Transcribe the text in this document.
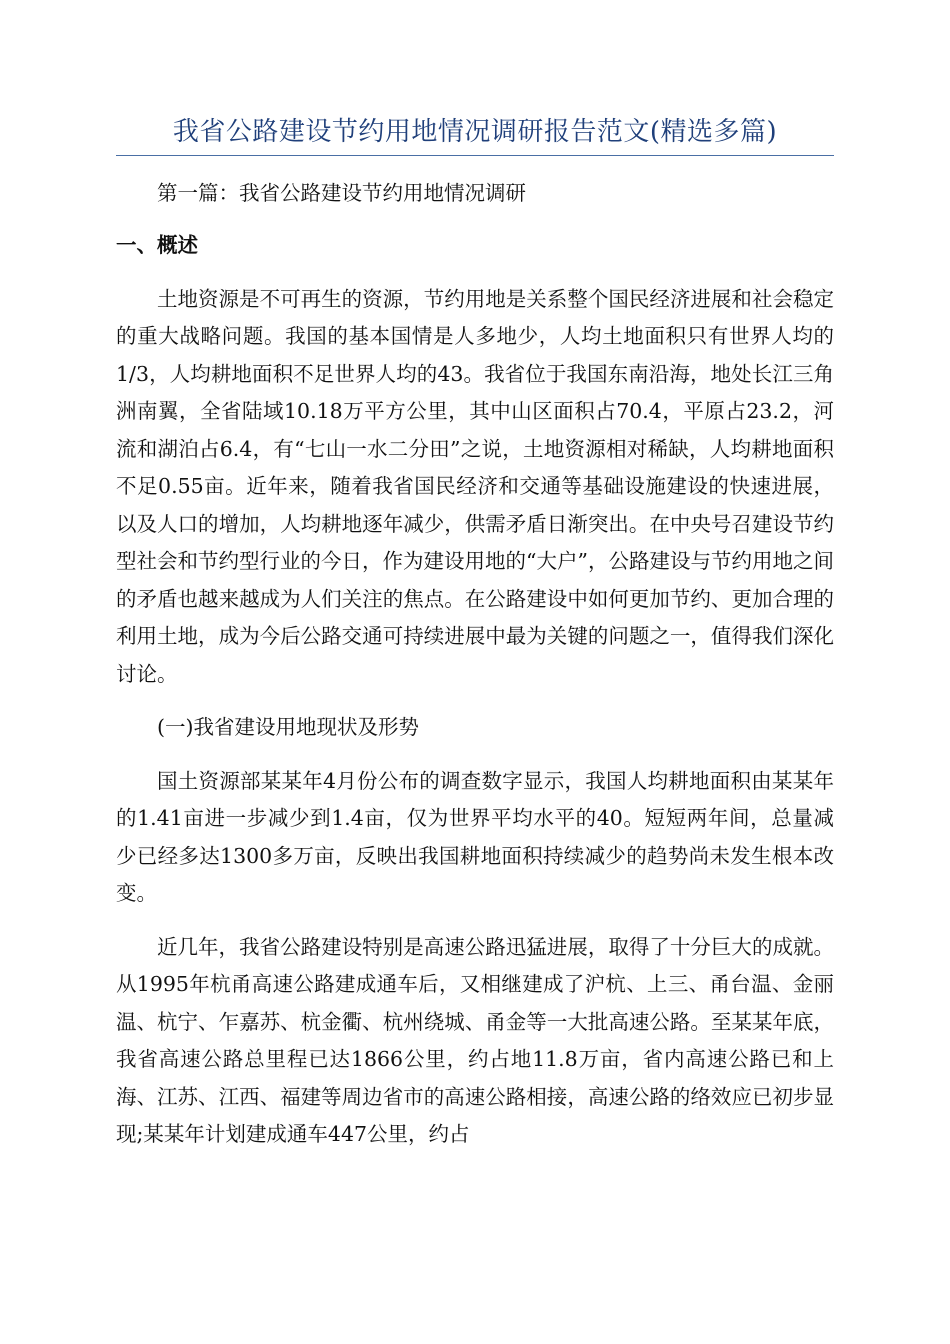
我省公路建设节约用地情况调研报告范文(精选多篇)

第一篇：我省公路建设节约用地情况调研

一、概述

土地资源是不可再生的资源，节约用地是关系整个国民经济进展和社会稳定的重大战略问题。我国的基本国情是人多地少，人均土地面积只有世界人均的1/3，人均耕地面积不足世界人均的43。我省位于我国东南沿海，地处长江三角洲南翼，全省陆域10.18万平方公里，其中山区面积占70.4，平原占23.2，河流和湖泊占6.4，有“七山一水二分田”之说，土地资源相对稀缺，人均耕地面积不足0.55亩。近年来，随着我省国民经济和交通等基础设施建设的快速进展，以及人口的增加，人均耕地逐年减少，供需矛盾日渐突出。在中央号召建设节约型社会和节约型行业的今日，作为建设用地的“大户”，公路建设与节约用地之间的矛盾也越来越成为人们关注的焦点。在公路建设中如何更加节约、更加合理的利用土地，成为今后公路交通可持续进展中最为关键的问题之一，值得我们深化讨论。

(一)我省建设用地现状及形势

国土资源部某某年4月份公布的调查数字显示，我国人均耕地面积由某某年的1.41亩进一步减少到1.4亩，仅为世界平均水平的40。短短两年间，总量减少已经多达1300多万亩，反映出我国耕地面积持续减少的趋势尚未发生根本改变。

近几年，我省公路建设特别是高速公路迅猛进展，取得了十分巨大的成就。从1995年杭甬高速公路建成通车后，又相继建成了沪杭、上三、甬台温、金丽温、杭宁、乍嘉苏、杭金衢、杭州绕城、甬金等一大批高速公路。至某某年底，我省高速公路总里程已达1866公里，约占地11.8万亩，省内高速公路已和上海、江苏、江西、福建等周边省市的高速公路相接，高速公路的络效应已初步显现;某某年计划建成通车447公里，约占
